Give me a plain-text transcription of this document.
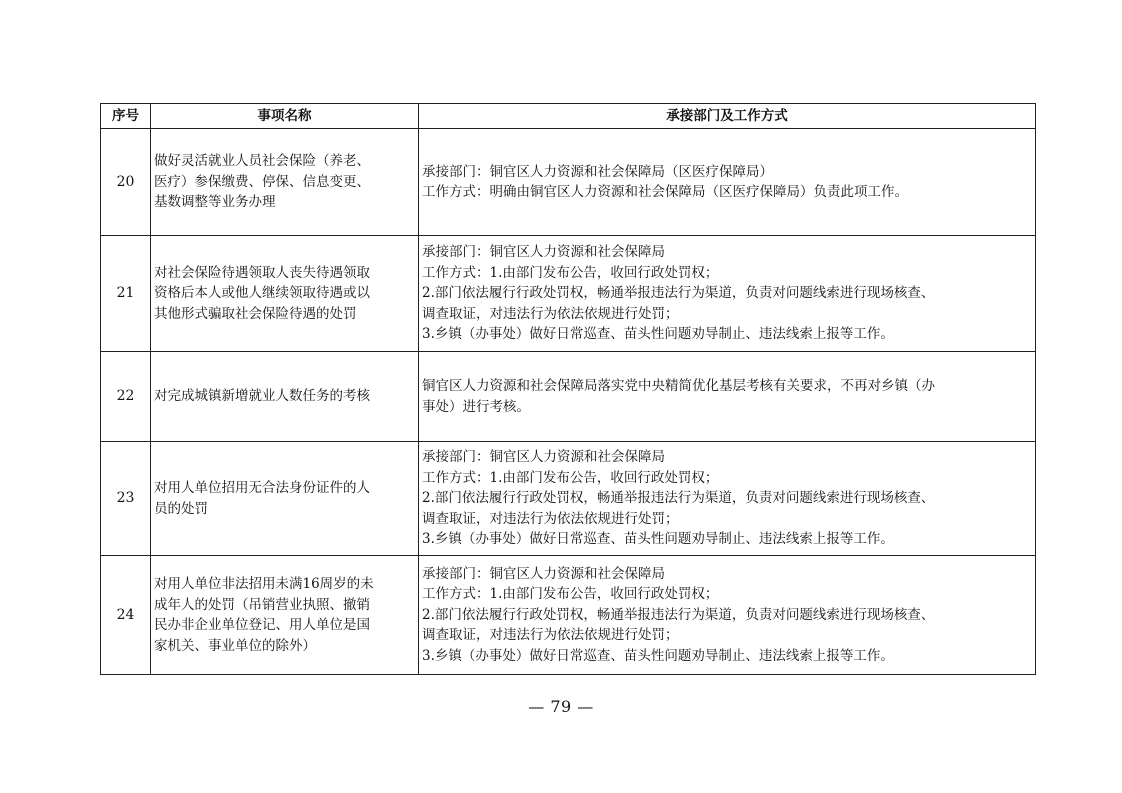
序号	事项名称	承接部门及工作方式
20	做好灵活就业人员社会保险（养老、
医疗）参保缴费、停保、信息变更、
基数调整等业务办理	承接部门：铜官区人力资源和社会保障局（区医疗保障局）
工作方式：明确由铜官区人力资源和社会保障局（区医疗保障局）负责此项工作。

21	对社会保险待遇领取人丧失待遇领取
资格后本人或他人继续领取待遇或以
其他形式骗取社会保险待遇的处罚	承接部门：铜官区人力资源和社会保障局
工作方式：1.由部门发布公告，收回行政处罚权；
2.部门依法履行行政处罚权，畅通举报违法行为渠道，负责对问题线索进行现场核查、
调查取证，对违法行为依法依规进行处罚；
3.乡镇（办事处）做好日常巡查、苗头性问题劝导制止、违法线索上报等工作。

22	对完成城镇新增就业人数任务的考核	铜官区人力资源和社会保障局落实党中央精简优化基层考核有关要求，不再对乡镇（办
事处）进行考核。

23	对用人单位招用无合法身份证件的人
员的处罚	承接部门：铜官区人力资源和社会保障局
工作方式：1.由部门发布公告，收回行政处罚权；
2.部门依法履行行政处罚权，畅通举报违法行为渠道，负责对问题线索进行现场核查、
调查取证，对违法行为依法依规进行处罚；
3.乡镇（办事处）做好日常巡查、苗头性问题劝导制止、违法线索上报等工作。

24	对用人单位非法招用未满16周岁的未
成年人的处罚（吊销营业执照、撤销
民办非企业单位登记、用人单位是国
家机关、事业单位的除外）	承接部门：铜官区人力资源和社会保障局
工作方式：1.由部门发布公告，收回行政处罚权；
2.部门依法履行行政处罚权，畅通举报违法行为渠道，负责对问题线索进行现场核查、
调查取证，对违法行为依法依规进行处罚；
3.乡镇（办事处）做好日常巡查、苗头性问题劝导制止、违法线索上报等工作。
— 79 —
